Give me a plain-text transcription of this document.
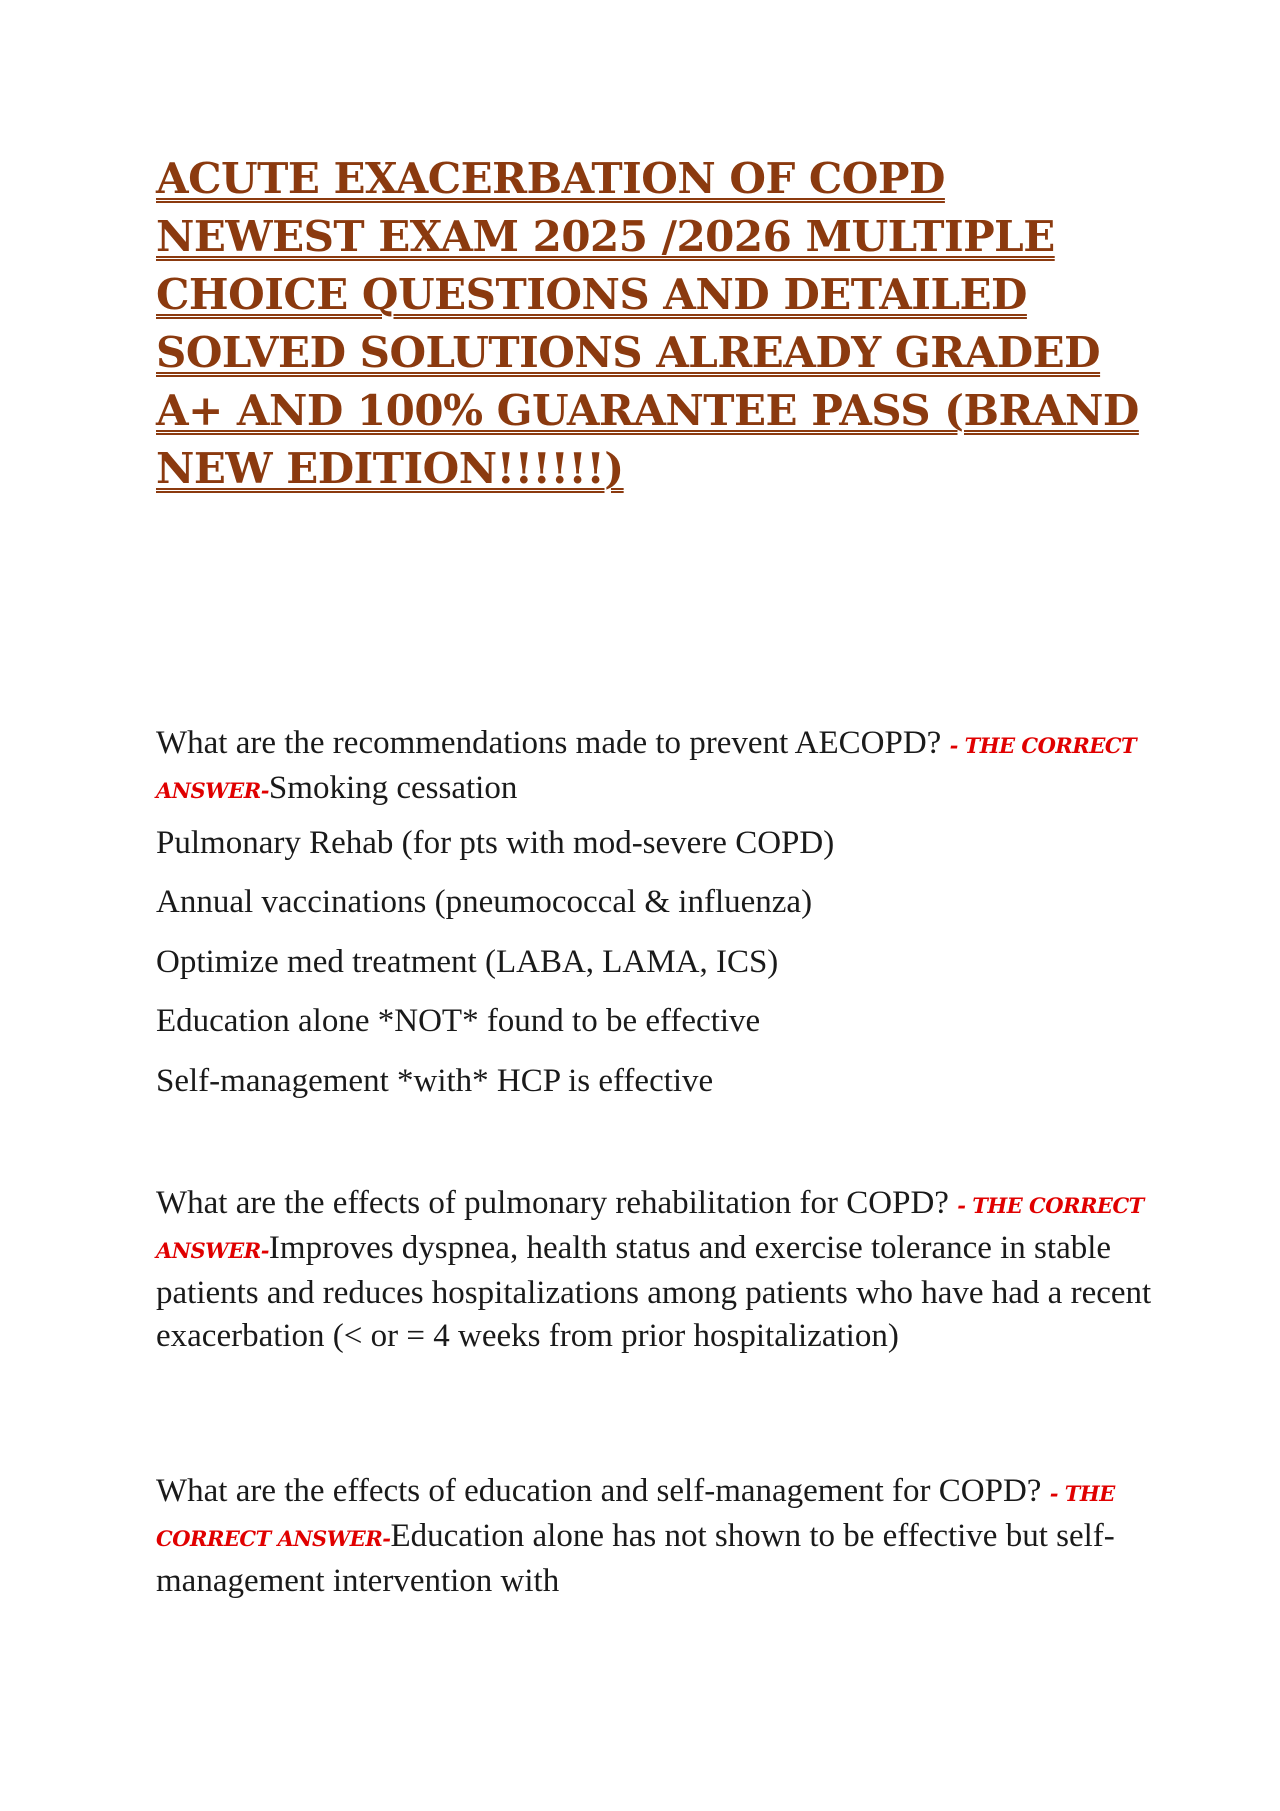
ACUTE EXACERBATION OF COPD NEWEST EXAM 2025 /2026 MULTIPLE CHOICE QUESTIONS AND DETAILED SOLVED SOLUTIONS ALREADY GRADED A+ AND 100% GUARANTEE PASS (BRAND NEW EDITION!!!!!!)

What are the recommendations made to prevent AECOPD? - THE CORRECT ANSWER-Smoking cessation

Pulmonary Rehab (for pts with mod-severe COPD)

Annual vaccinations (pneumococcal & influenza)

Optimize med treatment (LABA, LAMA, ICS)

Education alone *NOT* found to be effective

Self-management *with* HCP is effective

What are the effects of pulmonary rehabilitation for COPD? - THE CORRECT ANSWER-Improves dyspnea, health status and exercise tolerance in stable patients and reduces hospitalizations among patients who have had a recent exacerbation (< or = 4 weeks from prior hospitalization)

What are the effects of education and self-management for COPD? - THE CORRECT ANSWER-Education alone has not shown to be effective but self-management intervention with
